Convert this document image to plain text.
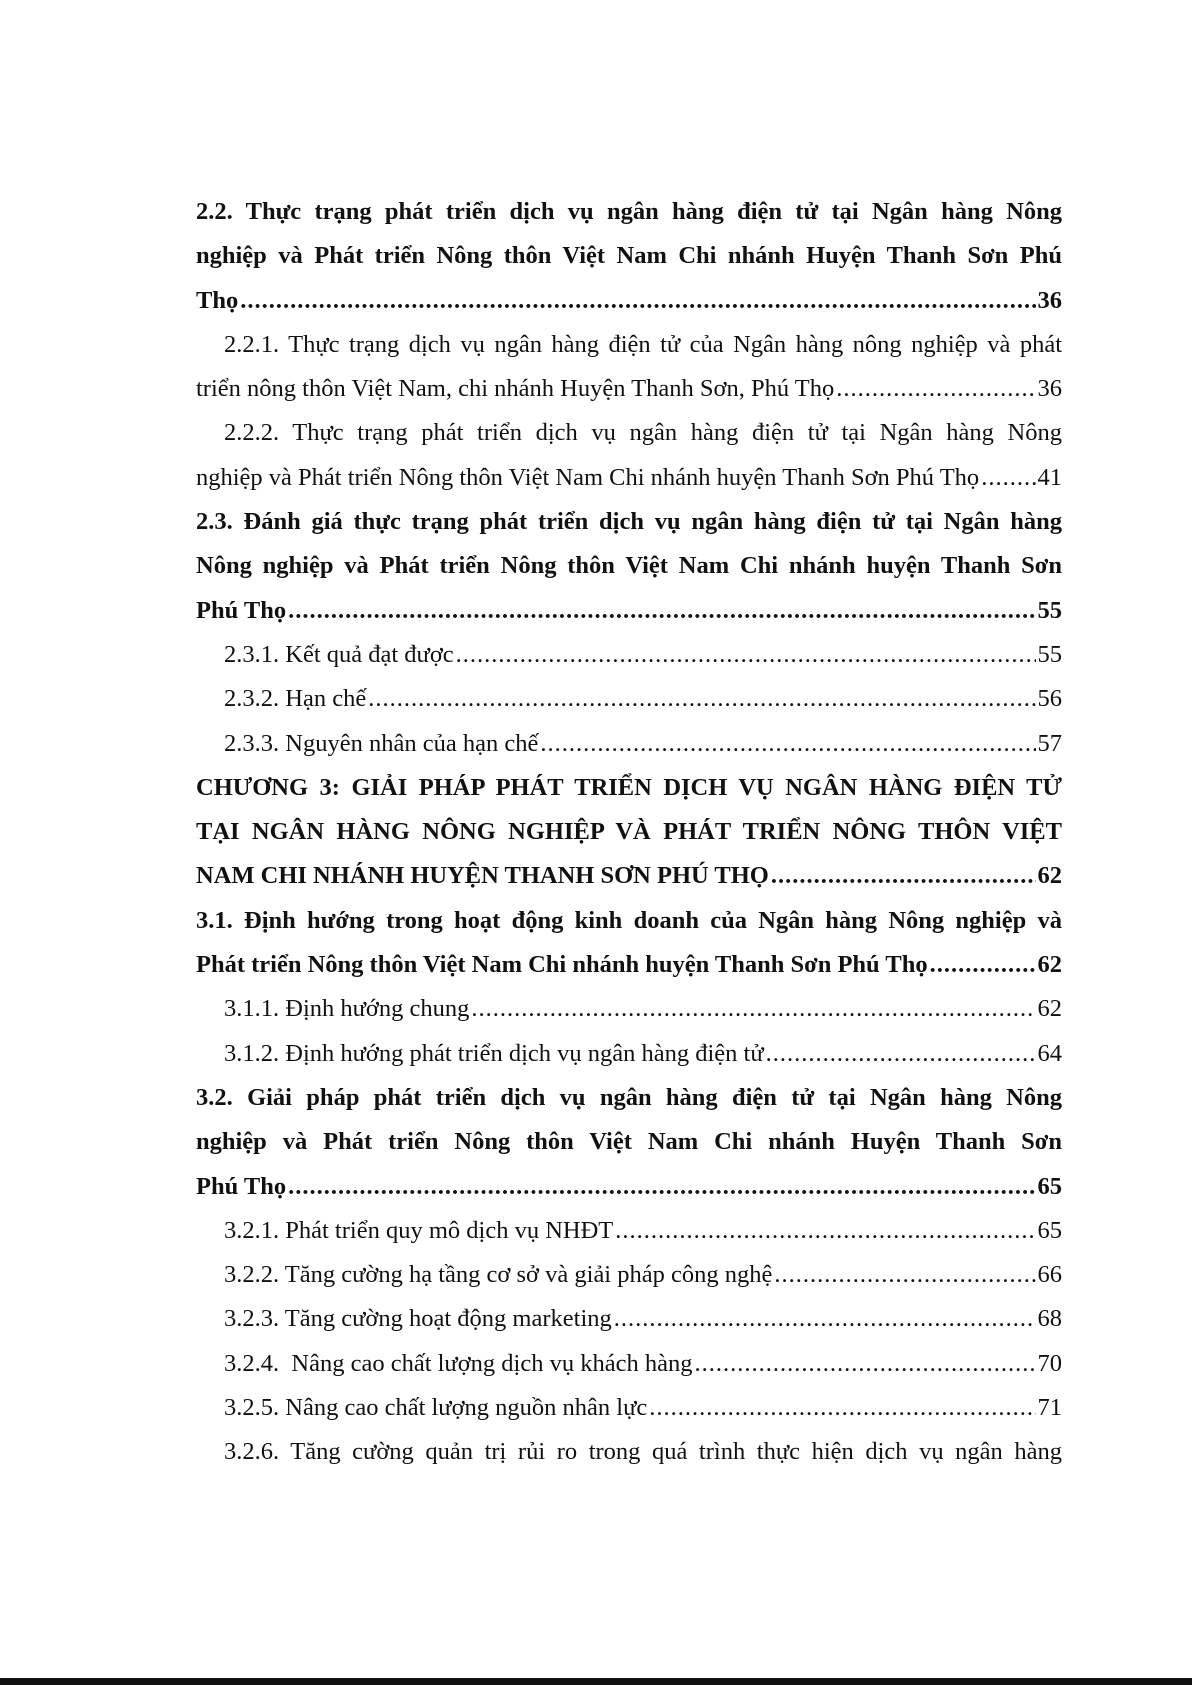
2.2. Thực trạng phát triển dịch vụ ngân hàng điện tử tại Ngân hàng Nông
nghiệp và Phát triển Nông thôn Việt Nam Chi nhánh Huyện Thanh Sơn Phú
Thọ .....	36
2.2.1. Thực trạng dịch vụ ngân hàng điện tử của Ngân hàng nông nghiệp và phát
triển nông thôn Việt Nam, chi nhánh Huyện Thanh Sơn, Phú Thọ .....	36
2.2.2. Thực trạng phát triển dịch vụ ngân hàng điện tử tại Ngân hàng Nông
nghiệp và Phát triển Nông thôn Việt Nam Chi nhánh huyện Thanh Sơn Phú Thọ ..... 41
2.3. Đánh giá thực trạng phát triển dịch vụ ngân hàng điện tử tại Ngân hàng
Nông nghiệp và Phát triển Nông thôn Việt Nam Chi nhánh huyện Thanh Sơn
Phú Thọ .....	55
2.3.1. Kết quả đạt được .....	55
2.3.2. Hạn chế .....	56
2.3.3. Nguyên nhân của hạn chế .....	57
CHƯƠNG 3: GIẢI PHÁP PHÁT TRIỂN DỊCH VỤ NGÂN HÀNG ĐIỆN TỬ
TẠI NGÂN HÀNG NÔNG NGHIỆP VÀ PHÁT TRIỂN NÔNG THÔN VIỆT
NAM CHI NHÁNH HUYỆN THANH SƠN PHÚ THỌ .....	62
3.1. Định hướng trong hoạt động kinh doanh của Ngân hàng Nông nghiệp và
Phát triển Nông thôn Việt Nam Chi nhánh huyện Thanh Sơn Phú Thọ .....	62
3.1.1. Định hướng chung .....	62
3.1.2. Định hướng phát triển dịch vụ ngân hàng điện tử .....	64
3.2. Giải pháp phát triển dịch vụ ngân hàng điện tử tại Ngân hàng Nông
nghiệp và Phát triển Nông thôn Việt Nam Chi nhánh Huyện Thanh Sơn
Phú Thọ .....	65
3.2.1. Phát triển quy mô dịch vụ NHĐT .....	65
3.2.2. Tăng cường hạ tầng cơ sở và giải pháp công nghệ .....	66
3.2.3. Tăng cường hoạt động marketing .....	68
3.2.4.  Nâng cao chất lượng dịch vụ khách hàng .....	70
3.2.5. Nâng cao chất lượng nguồn nhân lực .....	71
3.2.6. Tăng cường quản trị rủi ro trong quá trình thực hiện dịch vụ ngân hàng
